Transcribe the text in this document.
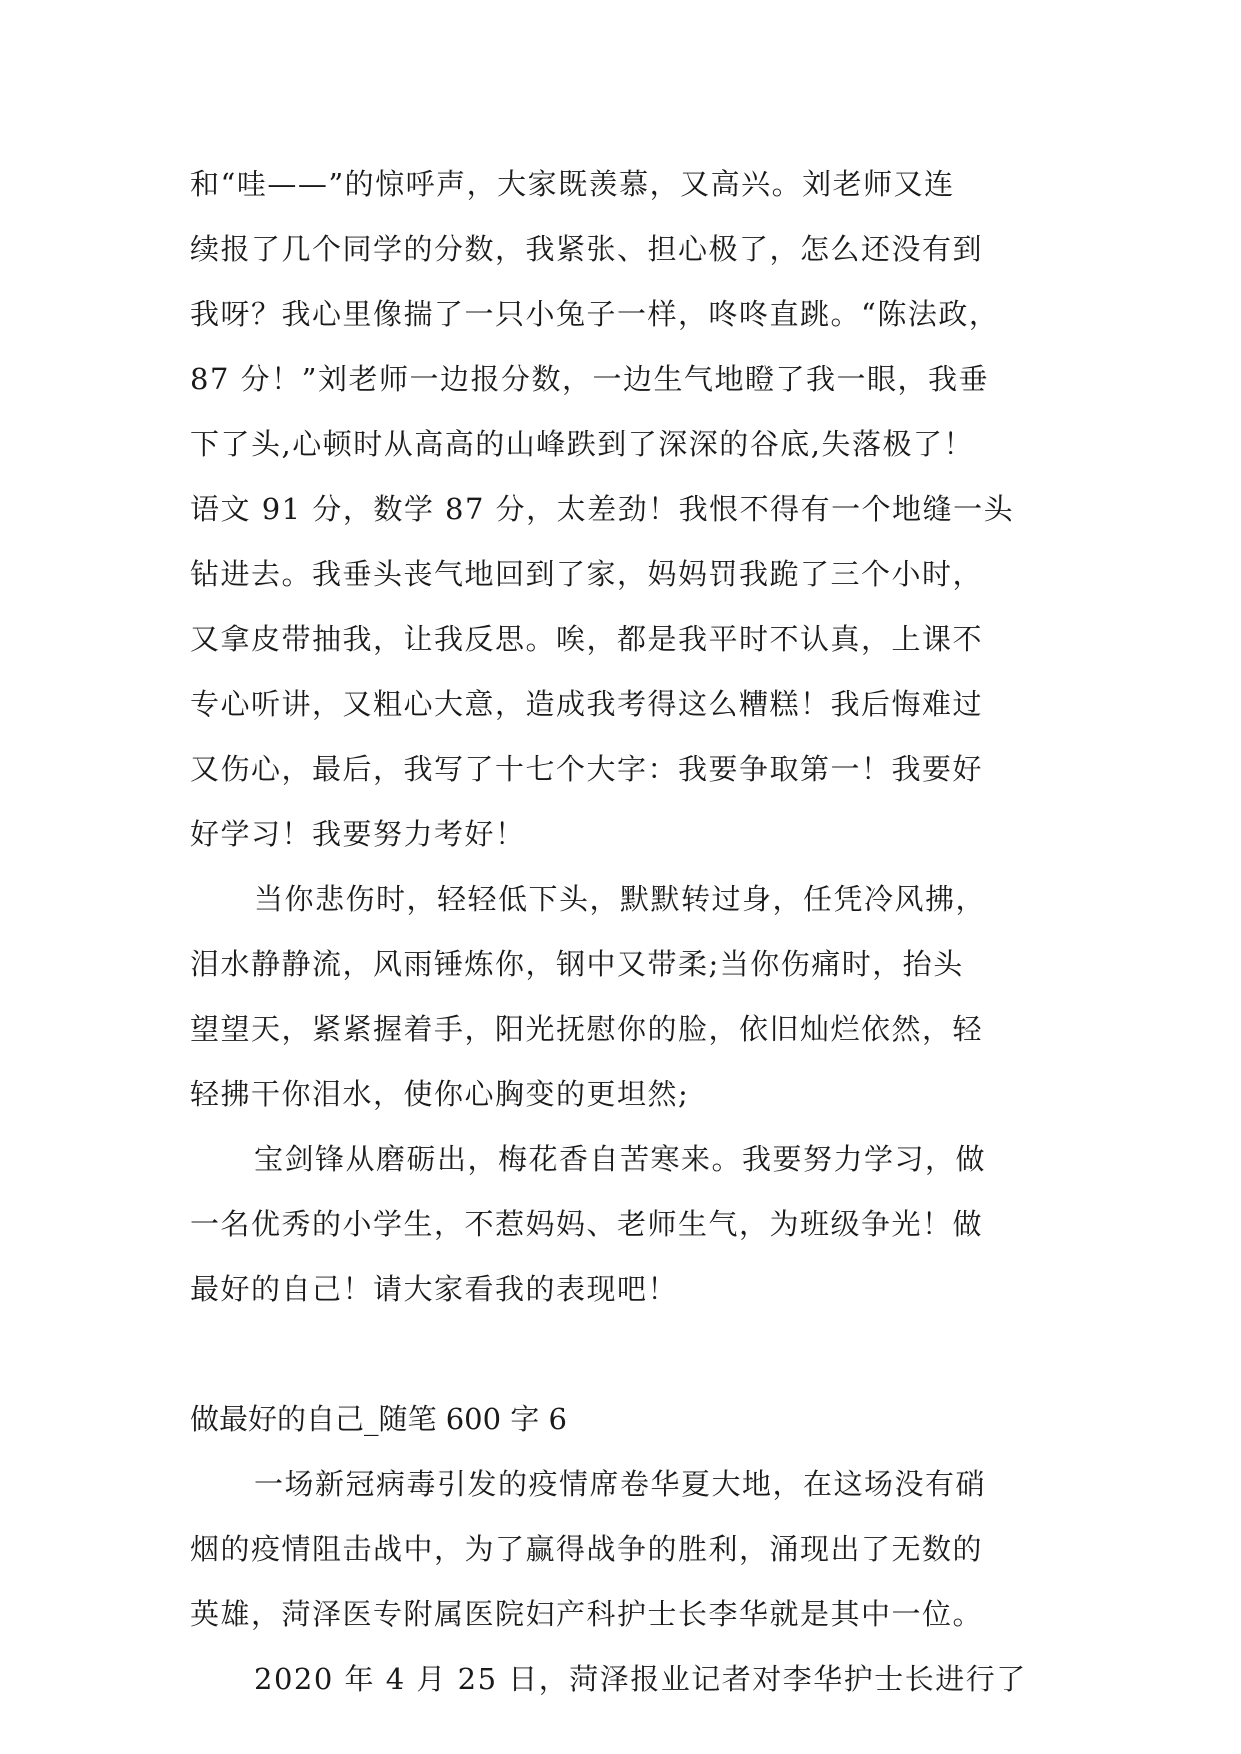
和“哇——”的惊呼声，大家既羡慕，又高兴。刘老师又连
续报了几个同学的分数，我紧张、担心极了，怎么还没有到
我呀？我心里像揣了一只小兔子一样，咚咚直跳。“陈法政，
87 分！”刘老师一边报分数，一边生气地瞪了我一眼，我垂
下了头,心顿时从高高的山峰跌到了深深的谷底,失落极了！
语文 91 分，数学 87 分，太差劲！我恨不得有一个地缝一头
钻进去。我垂头丧气地回到了家，妈妈罚我跪了三个小时，
又拿皮带抽我，让我反思。唉，都是我平时不认真，上课不
专心听讲，又粗心大意，造成我考得这么糟糕！我后悔难过
又伤心，最后，我写了十七个大字：我要争取第一！我要好
好学习！我要努力考好！
当你悲伤时，轻轻低下头，默默转过身，任凭冷风拂，
泪水静静流，风雨锤炼你，钢中又带柔;当你伤痛时，抬头
望望天，紧紧握着手，阳光抚慰你的脸，依旧灿烂依然，轻
轻拂干你泪水，使你心胸变的更坦然;
宝剑锋从磨砺出，梅花香自苦寒来。我要努力学习，做
一名优秀的小学生，不惹妈妈、老师生气，为班级争光！做
最好的自己！请大家看我的表现吧！
做最好的自己_随笔 600 字 6
一场新冠病毒引发的疫情席卷华夏大地，在这场没有硝
烟的疫情阻击战中，为了赢得战争的胜利，涌现出了无数的
英雄，菏泽医专附属医院妇产科护士长李华就是其中一位。
2020 年 4 月 25 日，菏泽报业记者对李华护士长进行了
